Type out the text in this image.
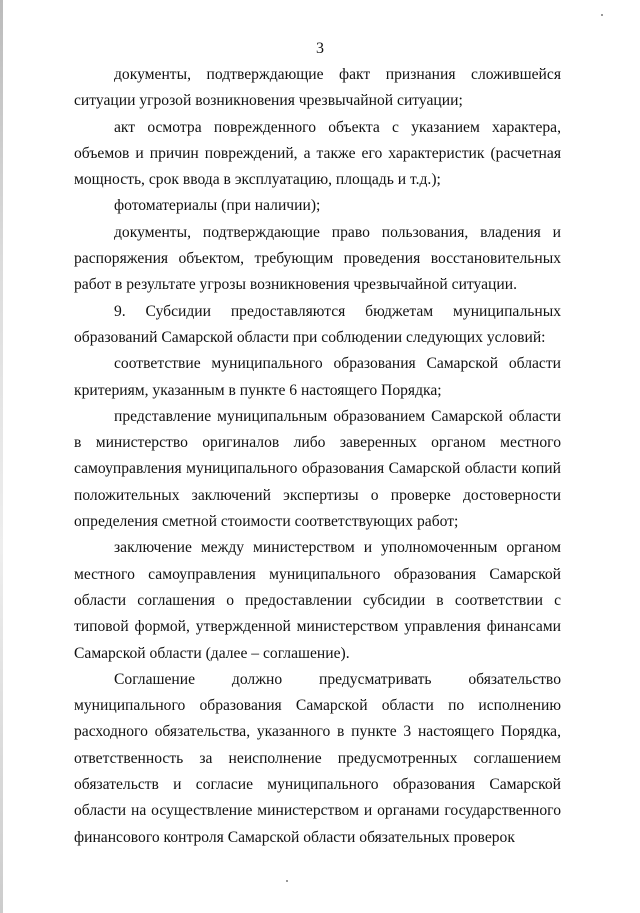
3

документы, подтверждающие факт признания сложившейся ситуации угрозой возникновения чрезвычайной ситуации;

акт осмотра поврежденного объекта с указанием характера, объемов и причин повреждений, а также его характеристик (расчетная мощность, срок ввода в эксплуатацию, площадь и т.д.);

фотоматериалы (при наличии);

документы, подтверждающие право пользования, владения и распоряжения объектом, требующим проведения восстановительных работ в результате угрозы возникновения чрезвычайной ситуации.

9. Субсидии предоставляются бюджетам муниципальных образований Самарской области при соблюдении следующих условий:

соответствие муниципального образования Самарской области критериям, указанным в пункте 6 настоящего Порядка;

представление муниципальным образованием Самарской области в министерство оригиналов либо заверенных органом местного самоуправления муниципального образования Самарской области копий положительных заключений экспертизы о проверке достоверности определения сметной стоимости соответствующих работ;

заключение между министерством и уполномоченным органом местного самоуправления муниципального образования Самарской области соглашения о предоставлении субсидии в соответствии с типовой формой, утвержденной министерством управления финансами Самарской области (далее – соглашение).

Соглашение должно предусматривать обязательство муниципального образования Самарской области по исполнению расходного обязательства, указанного в пункте 3 настоящего Порядка, ответственность за неисполнение предусмотренных соглашением обязательств и согласие муниципального образования Самарской области на осуществление министерством и органами государственного финансового контроля Самарской области обязательных проверок
